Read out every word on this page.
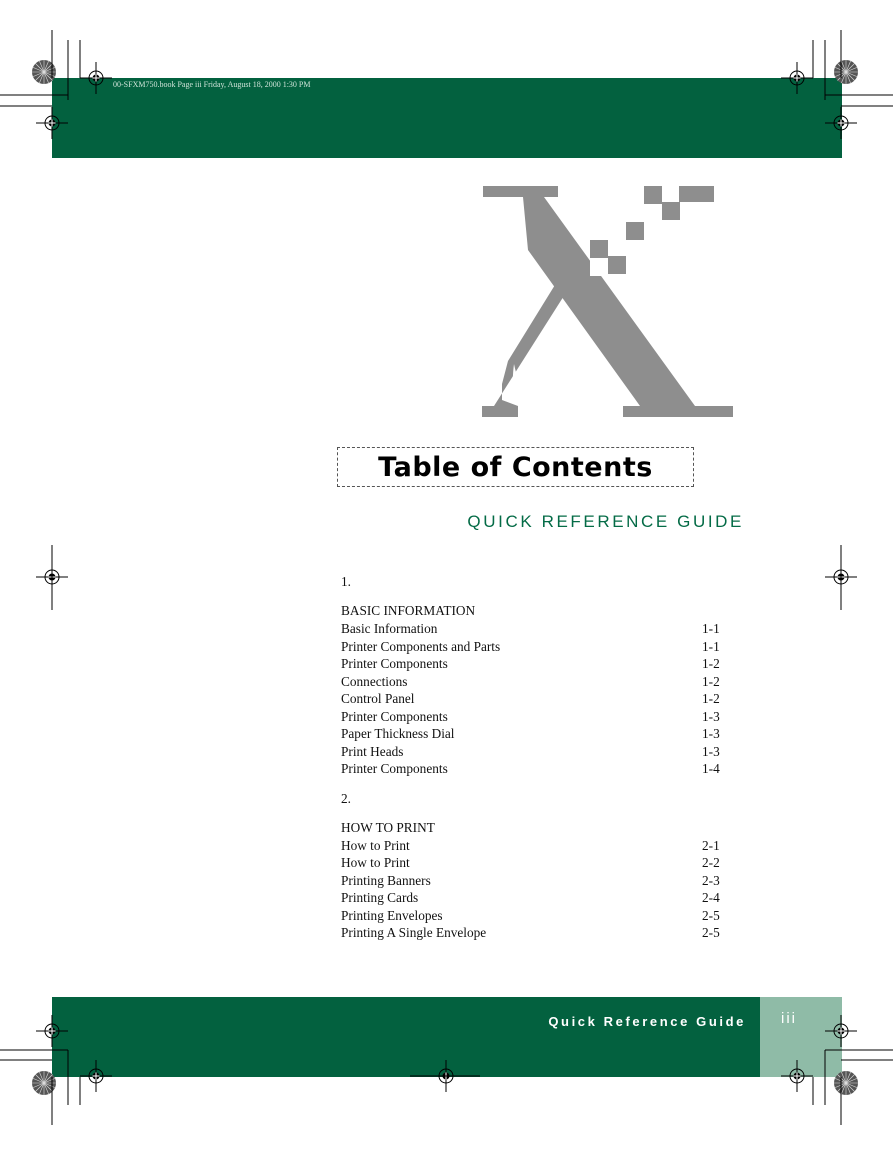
00-SFXM750.book Page iii Friday, August 18, 2000 1:30 PM
Table of Contents
QUICK REFERENCE GUIDE
1.
BASIC INFORMATION
Basic Information	1-1
Printer Components and Parts	1-1
Printer Components	1-2
Connections	1-2
Control Panel	1-2
Printer Components	1-3
Paper Thickness Dial	1-3
Print Heads	1-3
Printer Components	1-4
2.
HOW TO PRINT
How to Print	2-1
How to Print	2-2
Printing Banners	2-3
Printing Cards	2-4
Printing Envelopes	2-5
Printing A Single Envelope	2-5
Quick Reference Guide	iii
